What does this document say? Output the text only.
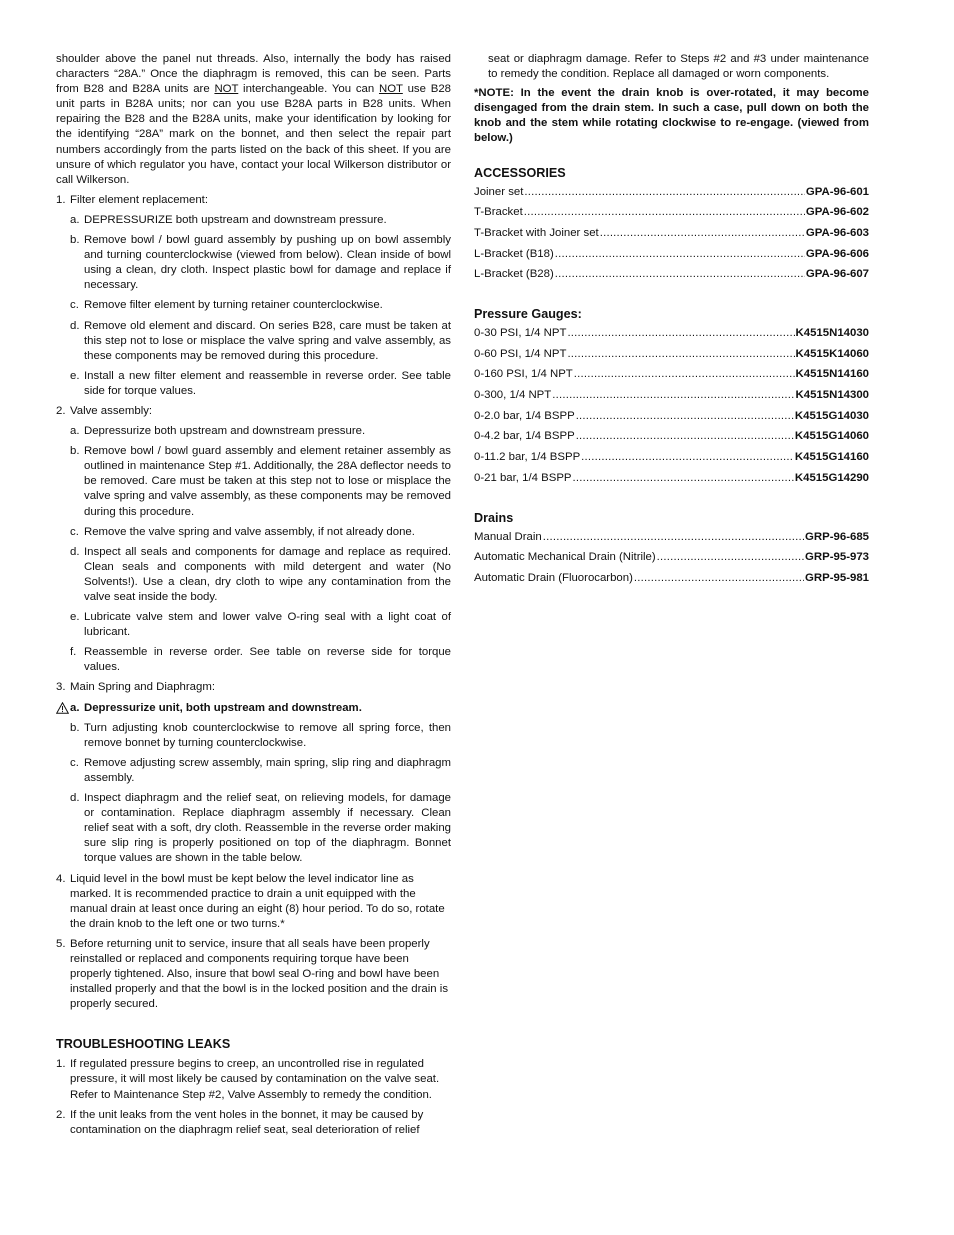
shoulder above the panel nut threads. Also, internally the body has raised characters “28A.” Once the diaphragm is removed, this can be seen. Parts from B28 and B28A units are NOT interchangeable. You can NOT use B28 unit parts in B28A units; nor can you use B28A parts in B28 units. When repairing the B28 and the B28A units, make your identification by looking for the identifying “28A” mark on the bonnet, and then select the repair part numbers accordingly from the parts listed on the back of this sheet. If you are unsure of which regulator you have, contact your local Wilkerson distributor or call Wilkerson.

1. Filter element replacement:
a. DEPRESSURIZE both upstream and downstream pressure.
b. Remove bowl / bowl guard assembly by pushing up on bowl assembly and turning counterclockwise (viewed from below). Clean inside of bowl using a clean, dry cloth. Inspect plastic bowl for damage and replace if necessary.
c. Remove filter element by turning retainer counterclockwise.
d. Remove old element and discard. On series B28, care must be taken at this step not to lose or misplace the valve spring and valve assembly, as these components may be removed during this procedure.
e. Install a new filter element and reassemble in reverse order. See table side for torque values.
2. Valve assembly:
a. Depressurize both upstream and downstream pressure.
b. Remove bowl / bowl guard assembly and element retainer assembly as outlined in maintenance Step #1. Additionally, the 28A deflector needs to be removed. Care must be taken at this step not to lose or misplace the valve spring and valve assembly, as these components may be removed during this procedure.
c. Remove the valve spring and valve assembly, if not already done.
d. Inspect all seals and components for damage and replace as required. Clean seals and components with mild detergent and water (No Solvents!). Use a clean, dry cloth to wipe any contamination from the valve seat inside the body.
e. Lubricate valve stem and lower valve O-ring seal with a light coat of lubricant.
f. Reassemble in reverse order. See table on reverse side for torque values.
3. Main Spring and Diaphragm:
a. Depressurize unit, both upstream and downstream.
b. Turn adjusting knob counterclockwise to remove all spring force, then remove bonnet by turning counterclockwise.
c. Remove adjusting screw assembly, main spring, slip ring and diaphragm assembly.
d. Inspect diaphragm and the relief seat, on relieving models, for damage or contamination. Replace diaphragm assembly if necessary. Clean relief seat with a soft, dry cloth. Reassemble in the reverse order making sure slip ring is properly positioned on top of the diaphragm. Bonnet torque values are shown in the table below.
4. Liquid level in the bowl must be kept below the level indicator line as marked. It is recommended practice to drain a unit equipped with the manual drain at least once during an eight (8) hour period. To do so, rotate the drain knob to the left one or two turns.*
5. Before returning unit to service, insure that all seals have been properly reinstalled or replaced and components requiring torque have been properly tightened. Also, insure that bowl seal O-ring and bowl have been installed properly and that the bowl is in the locked position and the drain is properly secured.
TROUBLESHOOTING LEAKS
1. If regulated pressure begins to creep, an uncontrolled rise in regulated pressure, it will most likely be caused by contamination on the valve seat. Refer to Maintenance Step #2, Valve Assembly to remedy the condition.
2. If the unit leaks from the vent holes in the bonnet, it may be caused by contamination on the diaphragm relief seat, seal deterioration of relief

seat or diaphragm damage. Refer to Steps #2 and #3 under maintenance to remedy the condition. Replace all damaged or worn components.

*NOTE: In the event the drain knob is over-rotated, it may become disengaged from the drain stem. In such a case, pull down on both the knob and the stem while rotating clockwise to re-engage. (viewed from below.)

ACCESSORIES
Joiner set .....	GPA-96-601
T-Bracket .....	GPA-96-602
T-Bracket with Joiner set .....	GPA-96-603
L-Bracket (B18) .....	GPA-96-606
L-Bracket (B28) .....	GPA-96-607
Pressure Gauges:
0-30 PSI, 1/4 NPT .....	K4515N14030
0-60 PSI, 1/4 NPT .....	K4515K14060
0-160 PSI, 1/4 NPT .....	K4515N14160
0-300, 1/4 NPT .....	K4515N14300
0-2.0 bar, 1/4 BSPP .....	K4515G14030
0-4.2 bar, 1/4 BSPP .....	K4515G14060
0-11.2 bar, 1/4 BSPP .....	K4515G14160
0-21 bar, 1/4 BSPP .....	K4515G14290
Drains
Manual Drain .....	GRP-96-685
Automatic Mechanical Drain (Nitrile) .....	GRP-95-973
Automatic Drain (Fluorocarbon) .....	GRP-95-981
